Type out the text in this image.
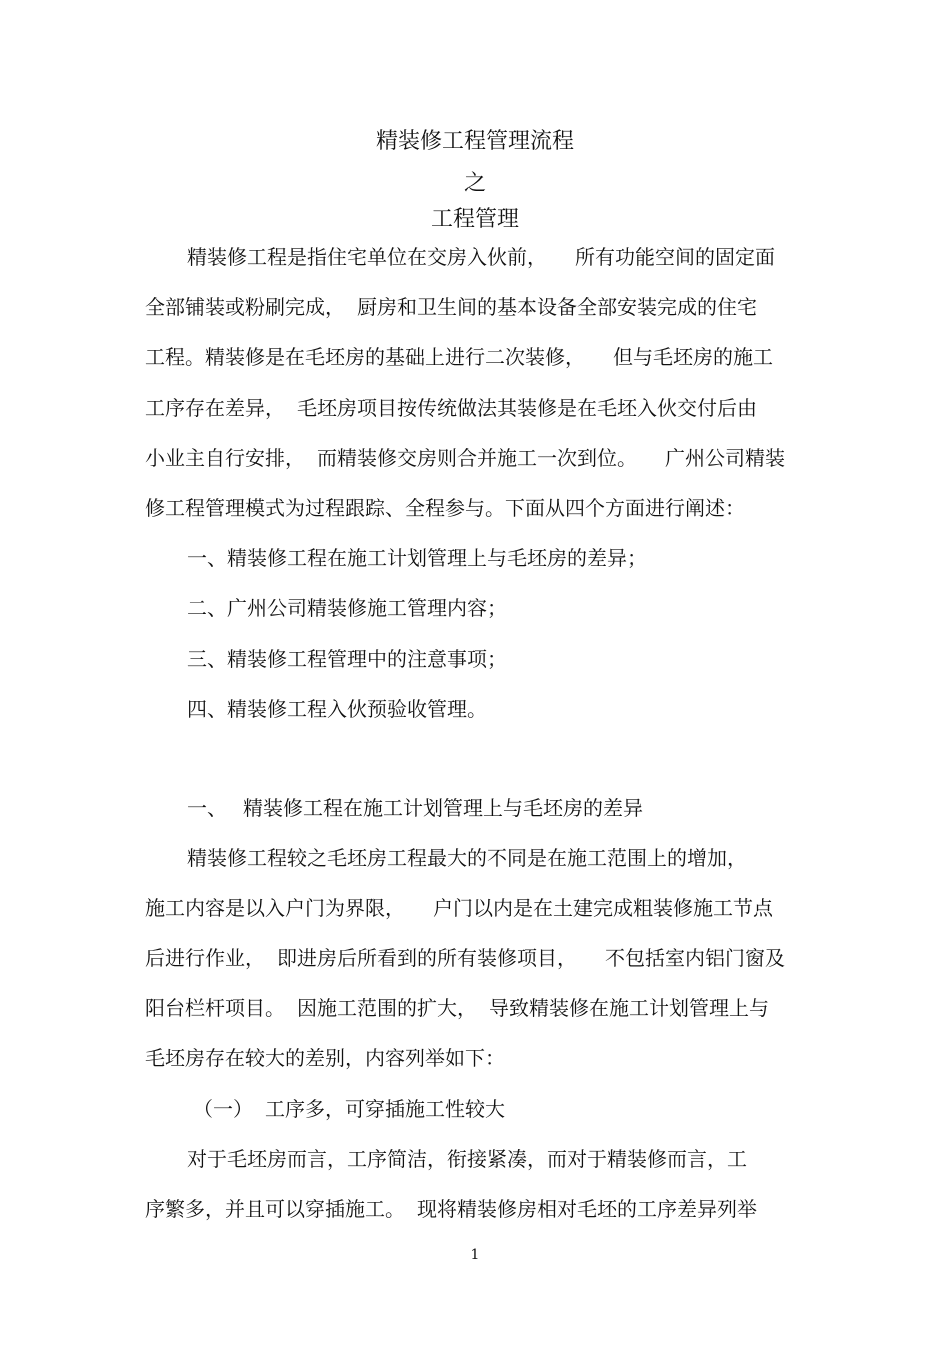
精装修工程管理流程
之
工程管理
精装修工程是指住宅单位在交房入伙前， 所有功能空间的固定面
全部铺装或粉刷完成， 厨房和卫生间的基本设备全部安装完成的住宅
工程。精装修是在毛坯房的基础上进行二次装修， 但与毛坯房的施工
工序存在差异， 毛坯房项目按传统做法其装修是在毛坯入伙交付后由
小业主自行安排， 而精装修交房则合并施工一次到位。 广州公司精装
修工程管理模式为过程跟踪、全程参与。下面从四个方面进行阐述：
一、精装修工程在施工计划管理上与毛坯房的差异；
二、广州公司精装修施工管理内容；
三、精装修工程管理中的注意事项；
四、精装修工程入伙预验收管理。
一、 精装修工程在施工计划管理上与毛坯房的差异
精装修工程较之毛坯房工程最大的不同是在施工范围上的增加，
施工内容是以入户门为界限， 户门以内是在土建完成粗装修施工节点
后进行作业， 即进房后所看到的所有装修项目， 不包括室内铝门窗及
阳台栏杆项目。 因施工范围的扩大， 导致精装修在施工计划管理上与
毛坯房存在较大的差别，内容列举如下：
（一） 工序多，可穿插施工性较大
对于毛坯房而言，工序简洁，衔接紧凑，而对于精装修而言，工
序繁多，并且可以穿插施工。 现将精装修房相对毛坯的工序差异列举
1
